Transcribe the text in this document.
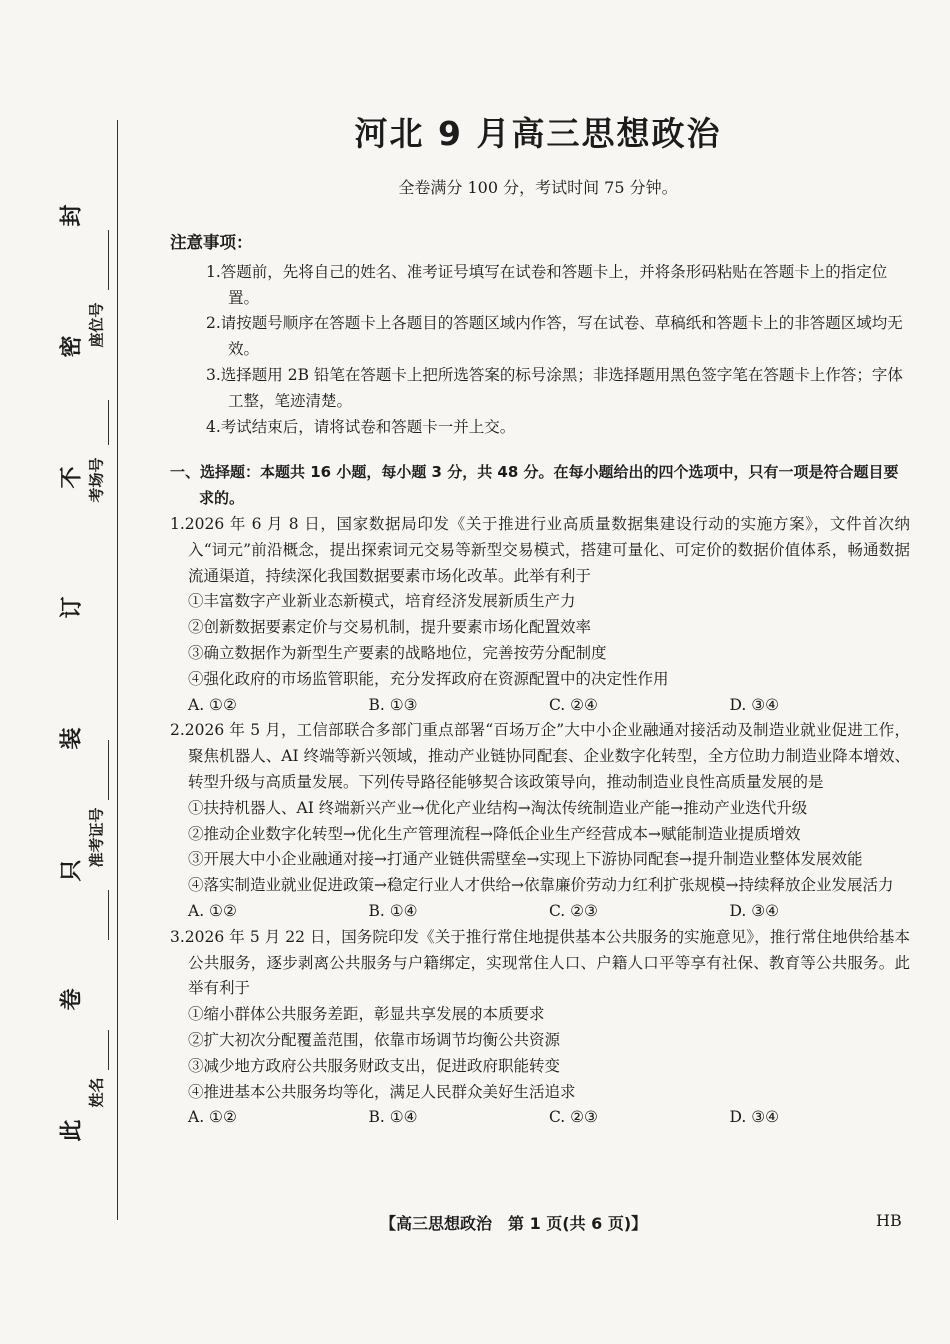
封
密
不
订
装
只
卷
此
座位号
考场号
准考证号
姓名
河北 9 月高三思想政治
全卷满分 100 分，考试时间 75 分钟。
注意事项：
1.答题前，先将自己的姓名、准考证号填写在试卷和答题卡上，并将条形码粘贴在答题卡上的指定位置。
2.请按题号顺序在答题卡上各题目的答题区域内作答，写在试卷、草稿纸和答题卡上的非答题区域均无效。
3.选择题用 2B 铅笔在答题卡上把所选答案的标号涂黑；非选择题用黑色签字笔在答题卡上作答；字体工整，笔迹清楚。
4.考试结束后，请将试卷和答题卡一并上交。
一、选择题：本题共 16 小题，每小题 3 分，共 48 分。在每小题给出的四个选项中，只有一项是符合题目要求的。
1.2026 年 6 月 8 日，国家数据局印发《关于推进行业高质量数据集建设行动的实施方案》，文件首次纳入“词元”前沿概念，提出探索词元交易等新型交易模式，搭建可量化、可定价的数据价值体系，畅通数据流通渠道，持续深化我国数据要素市场化改革。此举有利于
①丰富数字产业新业态新模式，培育经济发展新质生产力
②创新数据要素定价与交易机制，提升要素市场化配置效率
③确立数据作为新型生产要素的战略地位，完善按劳分配制度
④强化政府的市场监管职能，充分发挥政府在资源配置中的决定性作用
A. ①②	B. ①③	C. ②④	D. ③④
2.2026 年 5 月，工信部联合多部门重点部署“百场万企”大中小企业融通对接活动及制造业就业促进工作，聚焦机器人、AI 终端等新兴领域，推动产业链协同配套、企业数字化转型，全方位助力制造业降本增效、转型升级与高质量发展。下列传导路径能够契合该政策导向，推动制造业良性高质量发展的是
①扶持机器人、AI 终端新兴产业→优化产业结构→淘汰传统制造业产能→推动产业迭代升级
②推动企业数字化转型→优化生产管理流程→降低企业生产经营成本→赋能制造业提质增效
③开展大中小企业融通对接→打通产业链供需壁垒→实现上下游协同配套→提升制造业整体发展效能
④落实制造业就业促进政策→稳定行业人才供给→依靠廉价劳动力红利扩张规模→持续释放企业发展活力
A. ①②	B. ①④	C. ②③	D. ③④
3.2026 年 5 月 22 日，国务院印发《关于推行常住地提供基本公共服务的实施意见》，推行常住地供给基本公共服务，逐步剥离公共服务与户籍绑定，实现常住人口、户籍人口平等享有社保、教育等公共服务。此举有利于
①缩小群体公共服务差距，彰显共享发展的本质要求
②扩大初次分配覆盖范围，依靠市场调节均衡公共资源
③减少地方政府公共服务财政支出，促进政府职能转变
④推进基本公共服务均等化，满足人民群众美好生活追求
A. ①②	B. ①④	C. ②③	D. ③④
【高三思想政治　第 1 页(共 6 页)】	HB
